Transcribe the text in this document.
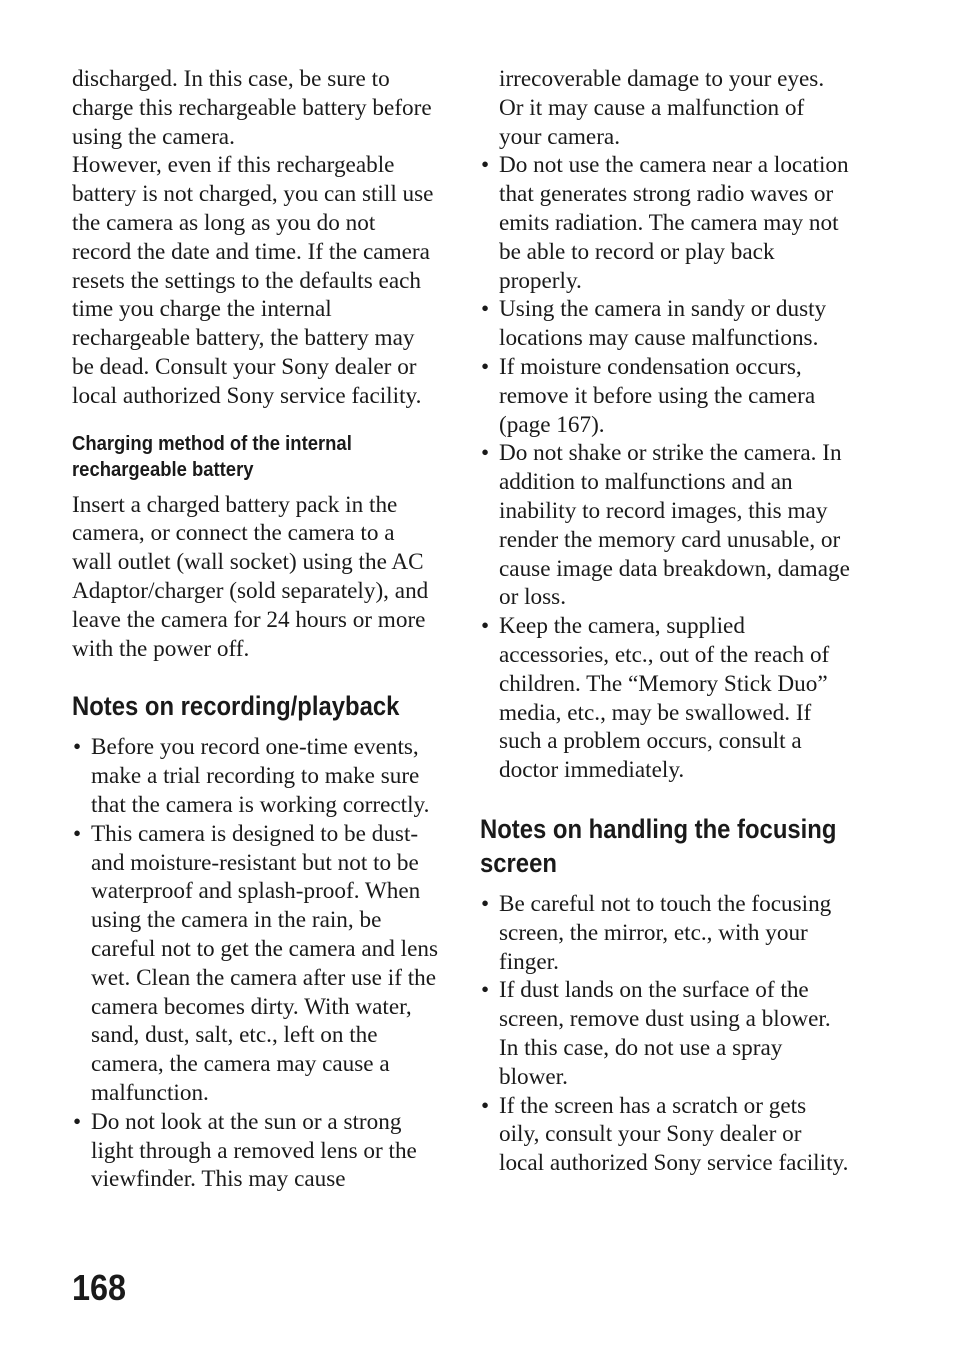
discharged. In this case, be sure to charge this rechargeable battery before using the camera.

However, even if this rechargeable battery is not charged, you can still use the camera as long as you do not record the date and time. If the camera resets the settings to the defaults each time you charge the internal rechargeable battery, the battery may be dead. Consult your Sony dealer or local authorized Sony service facility.

Charging method of the internal rechargeable battery

Insert a charged battery pack in the camera, or connect the camera to a wall outlet (wall socket) using the AC Adaptor/charger (sold separately), and leave the camera for 24 hours or more with the power off.

Notes on recording/playback
• Before you record one-time events, make a trial recording to make sure that the camera is working correctly.
• This camera is designed to be dust- and moisture-resistant but not to be waterproof and splash-proof. When using the camera in the rain, be careful not to get the camera and lens wet. Clean the camera after use if the camera becomes dirty. With water, sand, dust, salt, etc., left on the camera, the camera may cause a malfunction.
• Do not look at the sun or a strong light through a removed lens or the viewfinder. This may cause

irrecoverable damage to your eyes. Or it may cause a malfunction of your camera.

• Do not use the camera near a location that generates strong radio waves or emits radiation. The camera may not be able to record or play back properly.
• Using the camera in sandy or dusty locations may cause malfunctions.
• If moisture condensation occurs, remove it before using the camera (page 167).
• Do not shake or strike the camera. In addition to malfunctions and an inability to record images, this may render the memory card unusable, or cause image data breakdown, damage or loss.
• Keep the camera, supplied accessories, etc., out of the reach of children. The “Memory Stick Duo” media, etc., may be swallowed. If such a problem occurs, consult a doctor immediately.
Notes on handling the focusing screen
• Be careful not to touch the focusing screen, the mirror, etc., with your finger.
• If dust lands on the surface of the screen, remove dust using a blower. In this case, do not use a spray blower.
• If the screen has a scratch or gets oily, consult your Sony dealer or local authorized Sony service facility.
168
